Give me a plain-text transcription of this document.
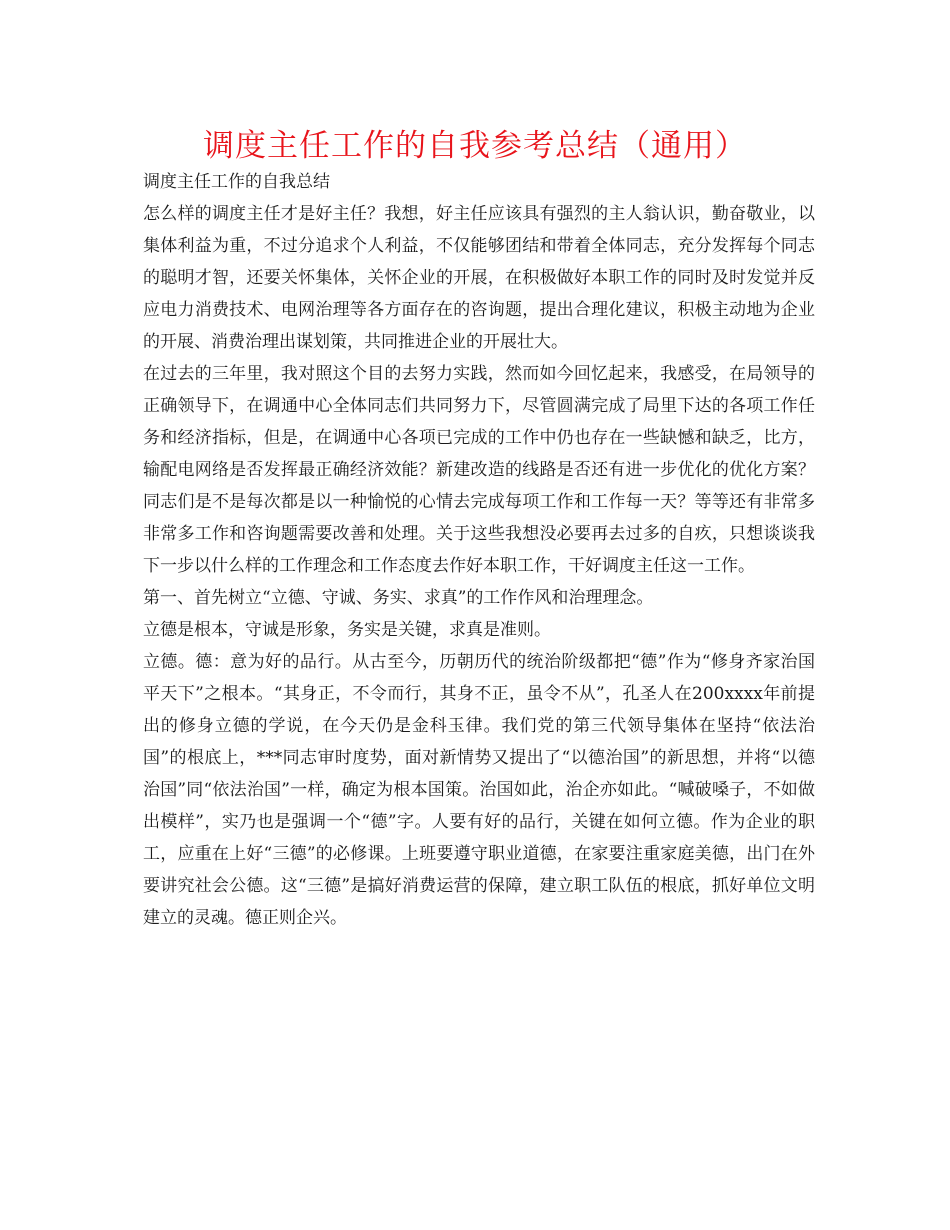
调度主任工作的自我参考总结（通用）
调度主任工作的自我总结

怎么样的调度主任才是好主任？我想，好主任应该具有强烈的主人翁认识，勤奋敬业，以集体利益为重，不过分追求个人利益，不仅能够团结和带着全体同志，充分发挥每个同志的聪明才智，还要关怀集体，关怀企业的开展，在积极做好本职工作的同时及时发觉并反应电力消费技术、电网治理等各方面存在的咨询题，提出合理化建议，积极主动地为企业的开展、消费治理出谋划策，共同推进企业的开展壮大。

在过去的三年里，我对照这个目的去努力实践，然而如今回忆起来，我感受，在局领导的正确领导下，在调通中心全体同志们共同努力下，尽管圆满完成了局里下达的各项工作任务和经济指标，但是，在调通中心各项已完成的工作中仍也存在一些缺憾和缺乏，比方，输配电网络是否发挥最正确经济效能？新建改造的线路是否还有进一步优化的优化方案？同志们是不是每次都是以一种愉悦的心情去完成每项工作和工作每一天？等等还有非常多非常多工作和咨询题需要改善和处理。关于这些我想没必要再去过多的自疚，只想谈谈我下一步以什么样的工作理念和工作态度去作好本职工作，干好调度主任这一工作。

第一、首先树立“立德、守诚、务实、求真”的工作作风和治理理念。

立德是根本，守诚是形象，务实是关键，求真是准则。

立德。德：意为好的品行。从古至今，历朝历代的统治阶级都把“德”作为“修身齐家治国平天下”之根本。“其身正，不令而行，其身不正，虽令不从”，孔圣人在200xxxx年前提出的修身立德的学说，在今天仍是金科玉律。我们党的第三代领导集体在坚持“依法治国”的根底上，***同志审时度势，面对新情势又提出了“以德治国”的新思想，并将“以德治国”同“依法治国”一样，确定为根本国策。治国如此，治企亦如此。“喊破嗓子，不如做出模样”，实乃也是强调一个“德”字。人要有好的品行，关键在如何立德。作为企业的职工，应重在上好“三德”的必修课。上班要遵守职业道德，在家要注重家庭美德，出门在外要讲究社会公德。这“三德”是搞好消费运营的保障，建立职工队伍的根底，抓好单位文明建立的灵魂。德正则企兴。
